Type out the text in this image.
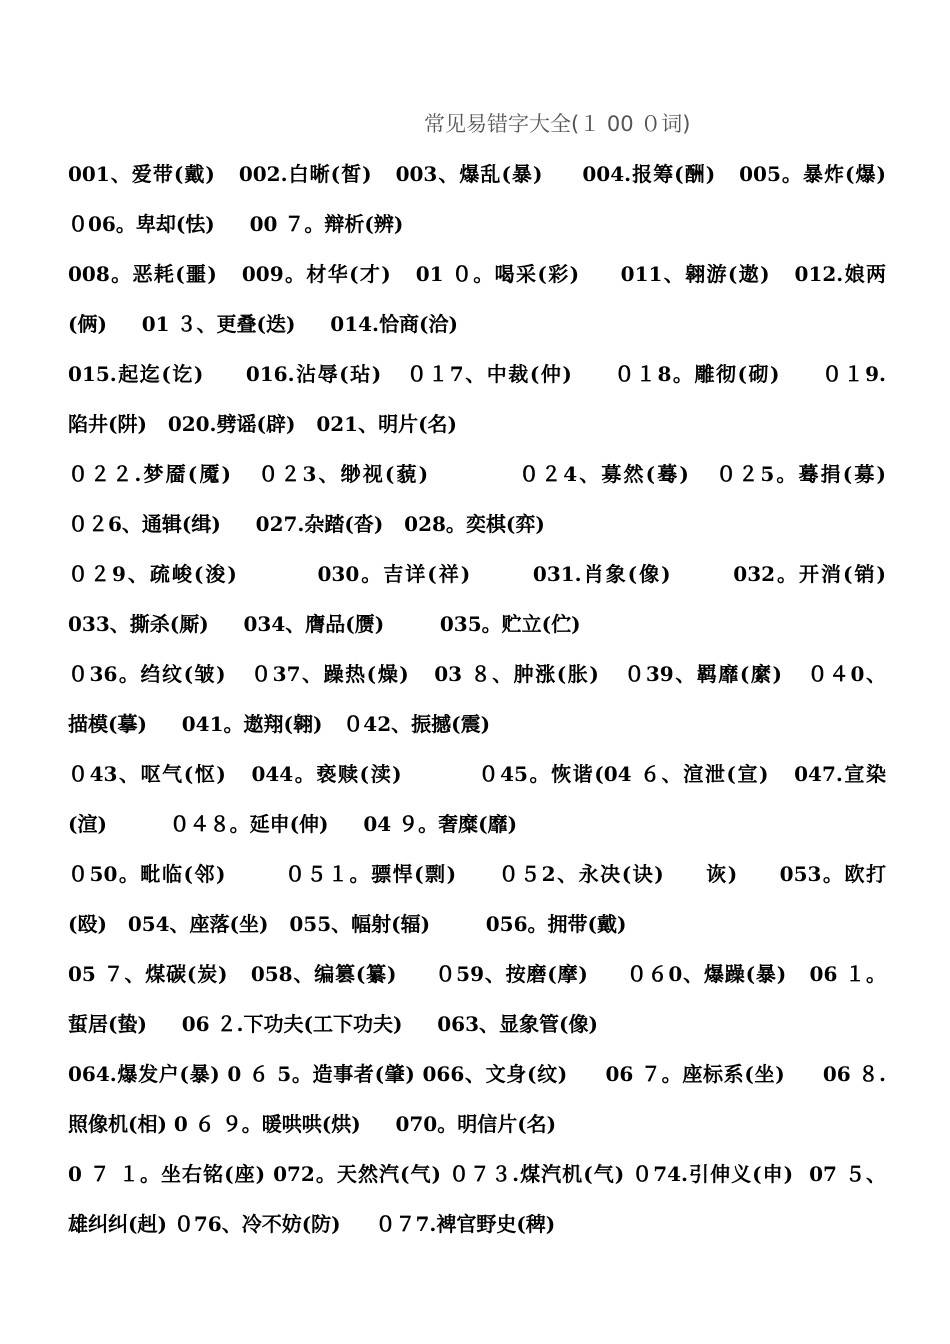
常见易错字大全(１ 00 ０词)
001、爱带(戴)   002.白晰(皙)   003、爆乱(暴)     004.报筹(酬)   005。暴炸(爆)
０06。卑却(怯)     00 ７。辩析(辨)
008。恶耗(噩)   009。材华(才)   01 ０。喝采(彩)     011、翱游(遨)   012.娘两
(俩)     01 ３、更叠(迭)     014.恰商(洽)
015.起迄(讫)     016.沾辱(玷)   ０１7、中裁(仲)     ０１8。雕彻(砌)     ０１9.
陷井(阱)   020.劈谣(辟)   021、明片(名)
０２２.梦靥(魇)   ０２3、缈视(藐)          ０２4、募然(蓦)   ０２5。蓦捐(募)
０２6、通辑(缉)     027.杂踏(沓)   028。奕棋(弈)
０２9、疏峻(浚)         030。吉详(祥)       031.肖象(像)       032。开消(销)
033、撕杀(厮)     034、膺品(赝)        035。贮立(伫)
０36。绉纹(皱)   ０37、躁热(燥)   03 ８、肿涨(胀)   ０39、羁靡(縻)   ０４0、
描模(摹)     041。遨翔(翱)   ０42、振撼(震)
０43、呕气(怄)   044。亵赎(渎)         ０45。恢谐(04 ６、渲泄(宣)   047.宣染
(渲)         ０４８。延申(伸)     04 ９。奢糜(靡)
０50。毗临(邻)       ０５１。骠悍(剽)     ０５2、永决(诀)     诙)     053。欧打
(殴)   054、座落(坐)   055、幅射(辐)        056。拥带(戴)
05 ７、煤碳(炭)   058、编篡(纂)     ０59、按磨(摩)     ０６0、爆躁(暴)   06 １。
蜇居(蛰)     06 ２.下功夫(工下功夫)     063、显象管(像)
064.爆发户(暴) 0 ６ 5。造事者(肇) 066、文身(纹)     06 ７。座标系(坐)     06 ８.
照像机(相) 0 ６ ９。暖哄哄(烘)     070。明信片(名)
0 ７ １。坐右铭(座) 072。天然汽(气) ０７３.煤汽机(气) ０74.引伸义(申)  07 ５、
雄纠纠(赳) ０76、冷不妨(防)     ０７7.裨官野史(稗)
